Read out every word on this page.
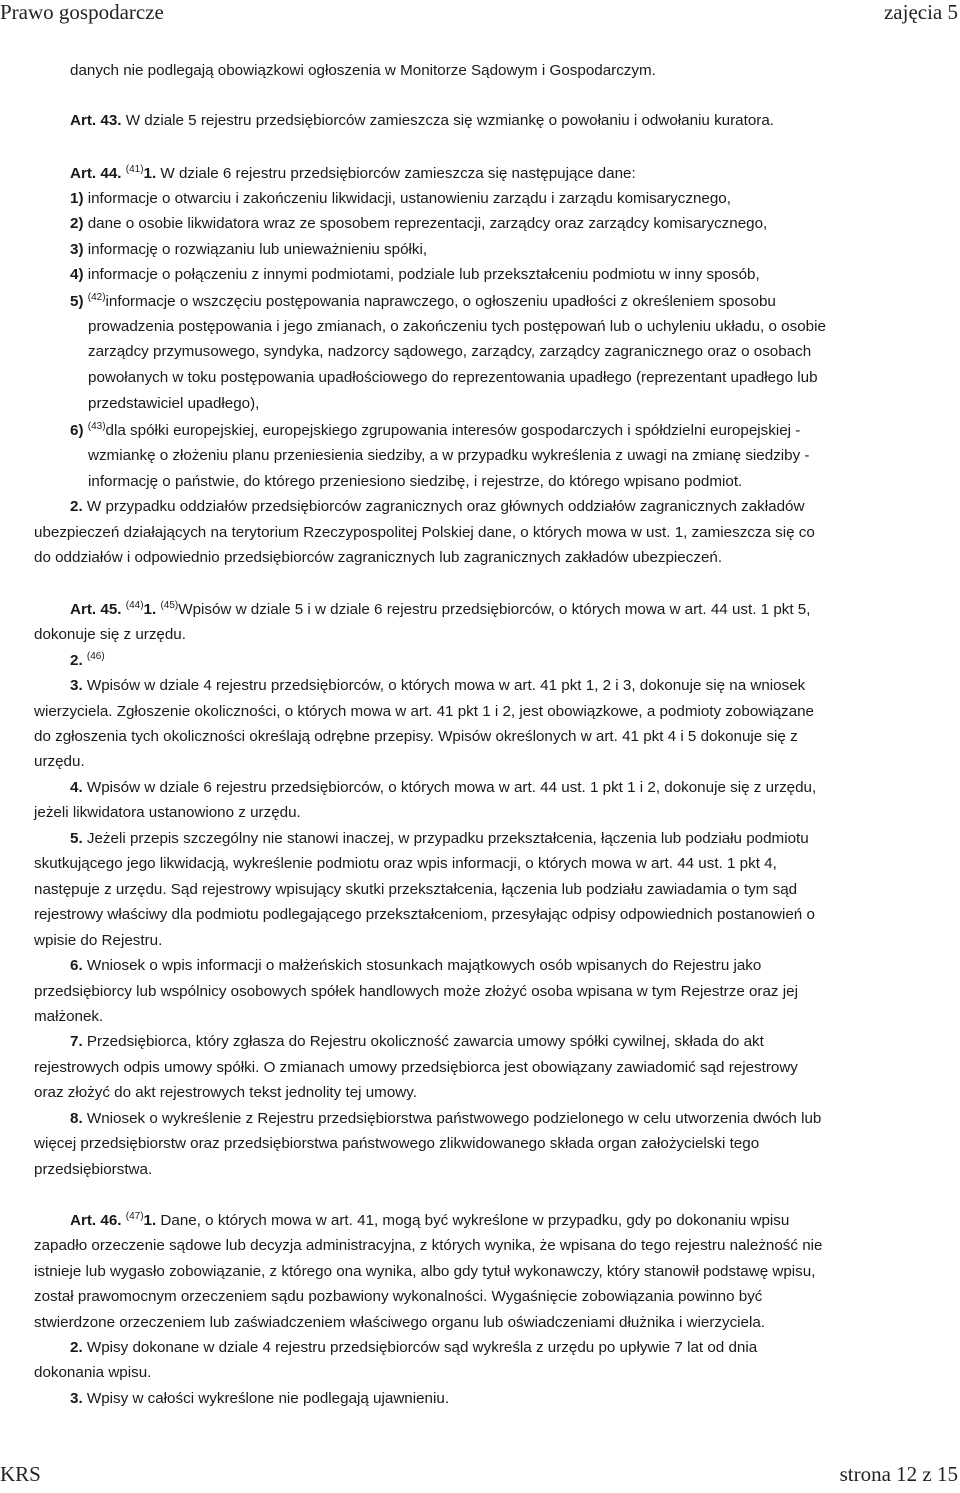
Prawo gospodarcze	zajęcia 5
danych nie podlegają obowiązkowi ogłoszenia w Monitorze Sądowym i Gospodarczym.
Art. 43. W dziale 5 rejestru przedsiębiorców zamieszcza się wzmiankę o powołaniu i odwołaniu kuratora.
Art. 44. $^{(41)}$1. W dziale 6 rejestru przedsiębiorców zamieszcza się następujące dane:
1) informacje o otwarciu i zakończeniu likwidacji, ustanowieniu zarządu i zarządu komisarycznego,
2) dane o osobie likwidatora wraz ze sposobem reprezentacji, zarządcy oraz zarządcy komisarycznego,
3) informację o rozwiązaniu lub unieważnieniu spółki,
4) informacje o połączeniu z innymi podmiotami, podziale lub przekształceniu podmiotu w inny sposób,
5) $^{(42)}$informacje o wszczęciu postępowania naprawczego, o ogłoszeniu upadłości z określeniem sposobu
prowadzenia postępowania i jego zmianach, o zakończeniu tych postępowań lub o uchyleniu układu, o osobie
zarządcy przymusowego, syndyka, nadzorcy sądowego, zarządcy, zarządcy zagranicznego oraz o osobach
powołanych w toku postępowania upadłościowego do reprezentowania upadłego (reprezentant upadłego lub
przedstawiciel upadłego),
6) $^{(43)}$dla spółki europejskiej, europejskiego zgrupowania interesów gospodarczych i spółdzielni europejskiej -
wzmiankę o złożeniu planu przeniesienia siedziby, a w przypadku wykreślenia z uwagi na zmianę siedziby -
informację o państwie, do którego przeniesiono siedzibę, i rejestrze, do którego wpisano podmiot.
2. W przypadku oddziałów przedsiębiorców zagranicznych oraz głównych oddziałów zagranicznych zakładów
ubezpieczeń działających na terytorium Rzeczypospolitej Polskiej dane, o których mowa w ust. 1, zamieszcza się co
do oddziałów i odpowiednio przedsiębiorców zagranicznych lub zagranicznych zakładów ubezpieczeń.
Art. 45. $^{(44)}$1. $^{(45)}$Wpisów w dziale 5 i w dziale 6 rejestru przedsiębiorców, o których mowa w art. 44 ust. 1 pkt 5,
dokonuje się z urzędu.
2. $^{(46)}$
3. Wpisów w dziale 4 rejestru przedsiębiorców, o których mowa w art. 41 pkt 1, 2 i 3, dokonuje się na wniosek
wierzyciela. Zgłoszenie okoliczności, o których mowa w art. 41 pkt 1 i 2, jest obowiązkowe, a podmioty zobowiązane
do zgłoszenia tych okoliczności określają odrębne przepisy. Wpisów określonych w art. 41 pkt 4 i 5 dokonuje się z
urzędu.
4. Wpisów w dziale 6 rejestru przedsiębiorców, o których mowa w art. 44 ust. 1 pkt 1 i 2, dokonuje się z urzędu,
jeżeli likwidatora ustanowiono z urzędu.
5. Jeżeli przepis szczególny nie stanowi inaczej, w przypadku przekształcenia, łączenia lub podziału podmiotu
skutkującego jego likwidacją, wykreślenie podmiotu oraz wpis informacji, o których mowa w art. 44 ust. 1 pkt 4,
następuje z urzędu. Sąd rejestrowy wpisujący skutki przekształcenia, łączenia lub podziału zawiadamia o tym sąd
rejestrowy właściwy dla podmiotu podlegającego przekształceniom, przesyłając odpisy odpowiednich postanowień o
wpisie do Rejestru.
6. Wniosek o wpis informacji o małżeńskich stosunkach majątkowych osób wpisanych do Rejestru jako
przedsiębiorcy lub wspólnicy osobowych spółek handlowych może złożyć osoba wpisana w tym Rejestrze oraz jej
małżonek.
7. Przedsiębiorca, który zgłasza do Rejestru okoliczność zawarcia umowy spółki cywilnej, składa do akt
rejestrowych odpis umowy spółki. O zmianach umowy przedsiębiorca jest obowiązany zawiadomić sąd rejestrowy
oraz złożyć do akt rejestrowych tekst jednolity tej umowy.
8. Wniosek o wykreślenie z Rejestru przedsiębiorstwa państwowego podzielonego w celu utworzenia dwóch lub
więcej przedsiębiorstw oraz przedsiębiorstwa państwowego zlikwidowanego składa organ założycielski tego
przedsiębiorstwa.
Art. 46. $^{(47)}$1. Dane, o których mowa w art. 41, mogą być wykreślone w przypadku, gdy po dokonaniu wpisu
zapadło orzeczenie sądowe lub decyzja administracyjna, z których wynika, że wpisana do tego rejestru należność nie
istnieje lub wygasło zobowiązanie, z którego ona wynika, albo gdy tytuł wykonawczy, który stanowił podstawę wpisu,
został prawomocnym orzeczeniem sądu pozbawiony wykonalności. Wygaśnięcie zobowiązania powinno być
stwierdzone orzeczeniem lub zaświadczeniem właściwego organu lub oświadczeniami dłużnika i wierzyciela.
2. Wpisy dokonane w dziale 4 rejestru przedsiębiorców sąd wykreśla z urzędu po upływie 7 lat od dnia
dokonania wpisu.
3. Wpisy w całości wykreślone nie podlegają ujawnieniu.
KRS	strona 12 z 15
